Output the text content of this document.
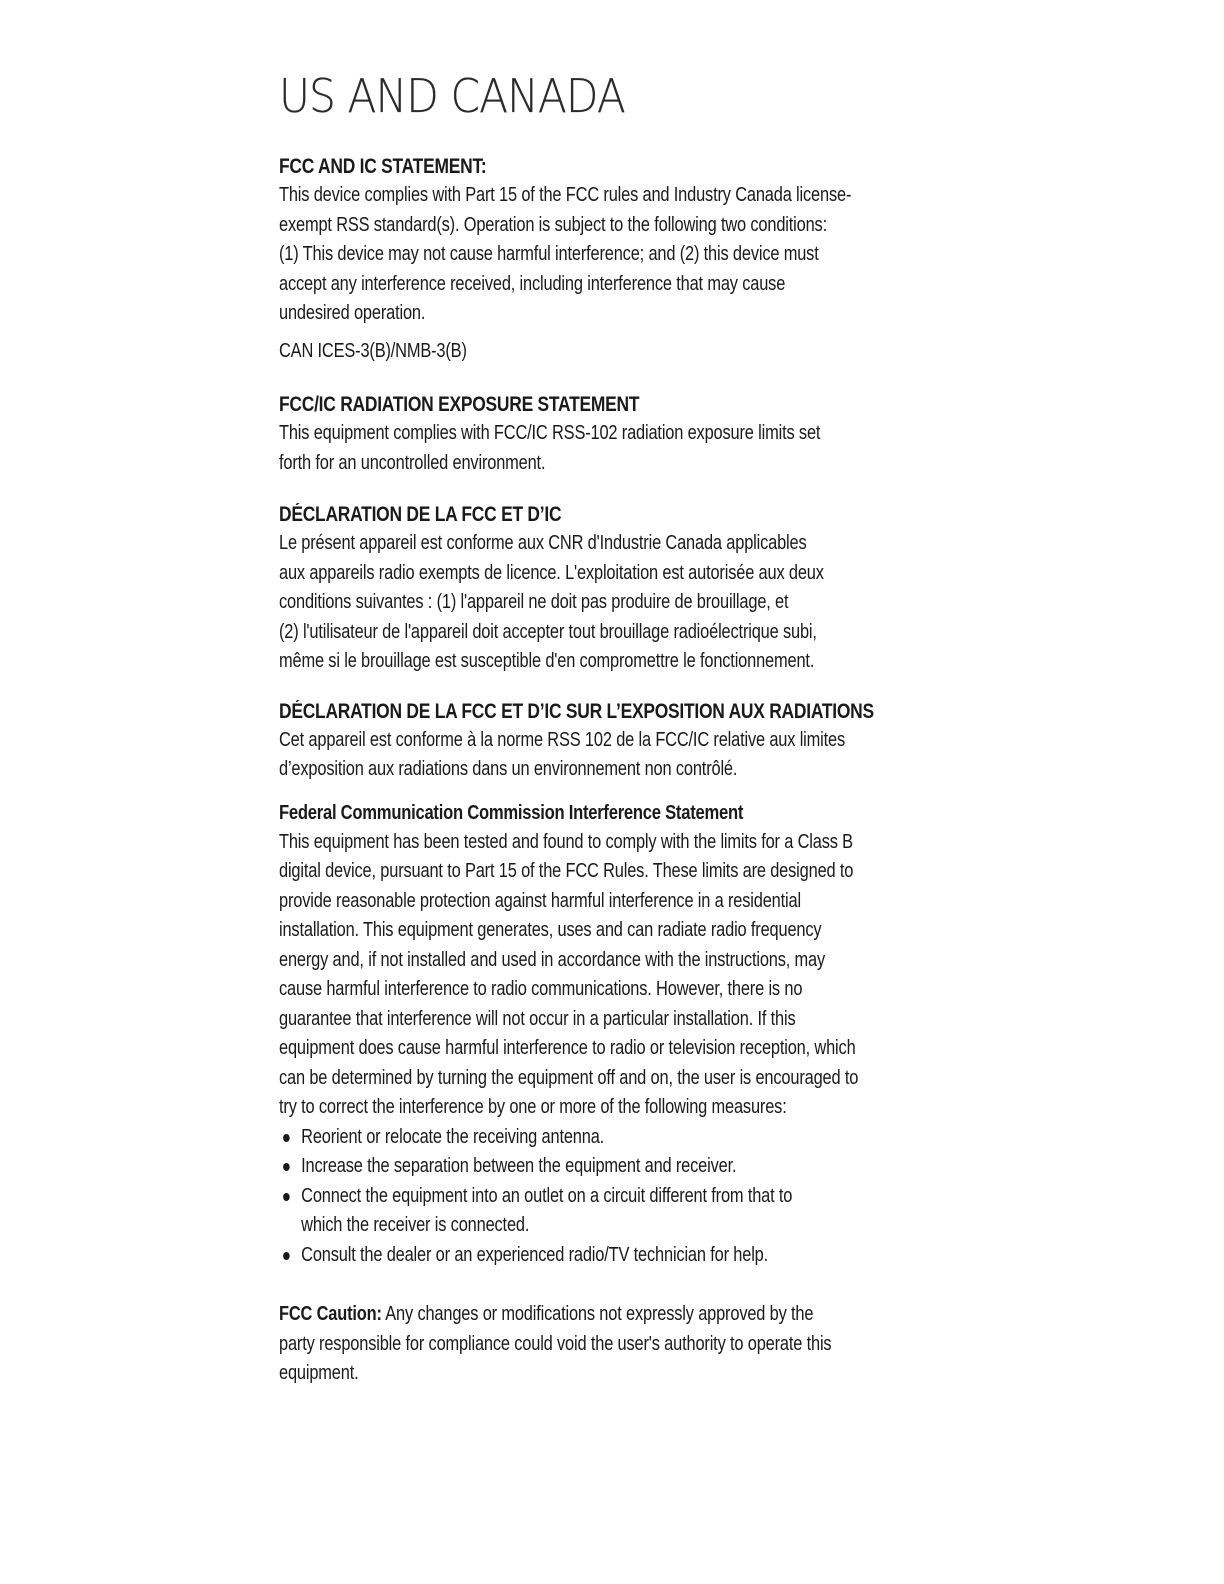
US AND CANADA
FCC AND IC STATEMENT:
This device complies with Part 15 of the FCC rules and Industry Canada license-
exempt RSS standard(s). Operation is subject to the following two conditions:
(1) This device may not cause harmful interference; and (2) this device must
accept any interference received, including interference that may cause
undesired operation.
CAN ICES-3(B)/NMB-3(B)
FCC/IC RADIATION EXPOSURE STATEMENT
This equipment complies with FCC/IC RSS-102 radiation exposure limits set
forth for an uncontrolled environment.
DÉCLARATION DE LA FCC ET D’IC
Le présent appareil est conforme aux CNR d'Industrie Canada applicables
aux appareils radio exempts de licence. L'exploitation est autorisée aux deux
conditions suivantes : (1) l'appareil ne doit pas produire de brouillage, et
(2) l'utilisateur de l'appareil doit accepter tout brouillage radioélectrique subi,
même si le brouillage est susceptible d'en compromettre le fonctionnement.
DÉCLARATION DE LA FCC ET D’IC SUR L’EXPOSITION AUX RADIATIONS
Cet appareil est conforme à la norme RSS 102 de la FCC/IC relative aux limites
d’exposition aux radiations dans un environnement non contrôlé.
Federal Communication Commission Interference Statement
This equipment has been tested and found to comply with the limits for a Class B
digital device, pursuant to Part 15 of the FCC Rules. These limits are designed to
provide reasonable protection against harmful interference in a residential
installation. This equipment generates, uses and can radiate radio frequency
energy and, if not installed and used in accordance with the instructions, may
cause harmful interference to radio communications. However, there is no
guarantee that interference will not occur in a particular installation. If this
equipment does cause harmful interference to radio or television reception, which
can be determined by turning the equipment off and on, the user is encouraged to
try to correct the interference by one or more of the following measures:
Reorient or relocate the receiving antenna.
Increase the separation between the equipment and receiver.
Connect the equipment into an outlet on a circuit different from that to
which the receiver is connected.
Consult the dealer or an experienced radio/TV technician for help.
FCC Caution: Any changes or modifications not expressly approved by the
party responsible for compliance could void the user's authority to operate this
equipment.
